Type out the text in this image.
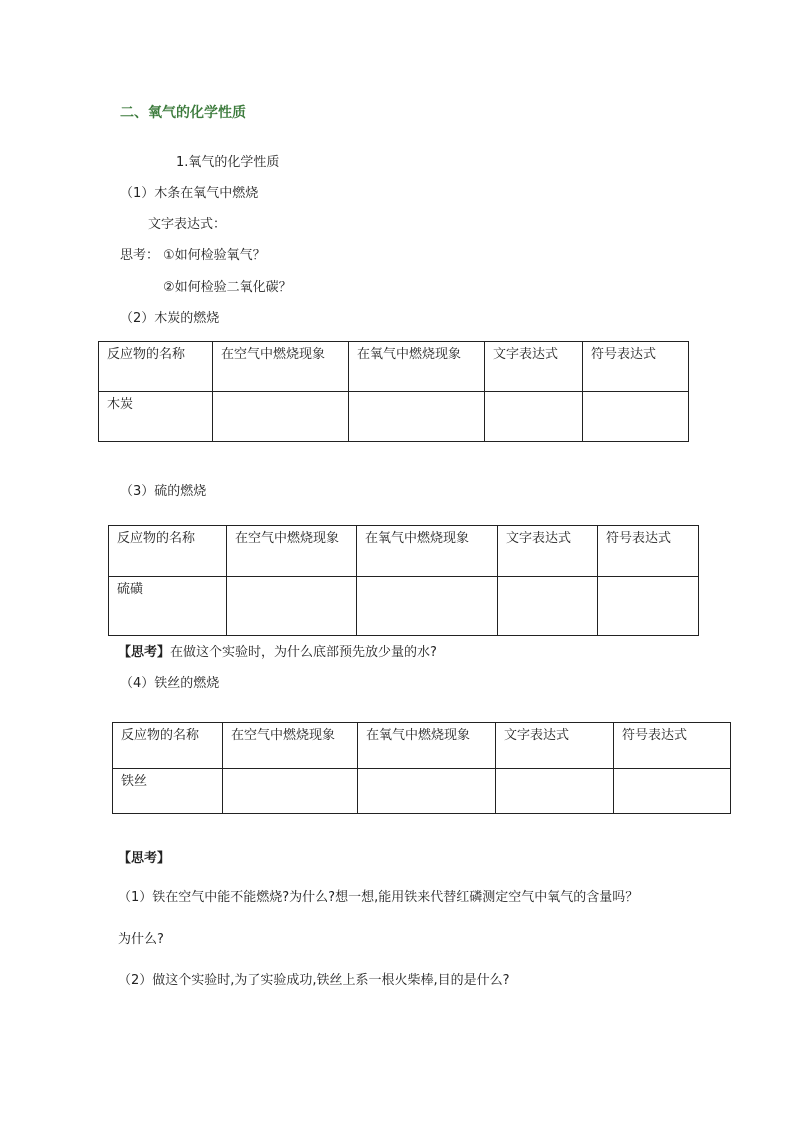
二、氧气的化学性质
1.氧气的化学性质
（1）木条在氧气中燃烧
文字表达式：
思考： ①如何检验氧气？
②如何检验二氧化碳？
（2）木炭的燃烧
反应物的名称	在空气中燃烧现象	在氧气中燃烧现象	文字表达式	符号表达式
木炭				
（3）硫的燃烧
反应物的名称	在空气中燃烧现象	在氧气中燃烧现象	文字表达式	符号表达式
硫磺				
【思考】在做这个实验时，为什么底部预先放少量的水?
（4）铁丝的燃烧
反应物的名称	在空气中燃烧现象	在氧气中燃烧现象	文字表达式	符号表达式
铁丝				
【思考】
（1）铁在空气中能不能燃烧?为什么?想一想,能用铁来代替红磷测定空气中氧气的含量吗？
为什么?
（2）做这个实验时,为了实验成功,铁丝上系一根火柴棒,目的是什么?
